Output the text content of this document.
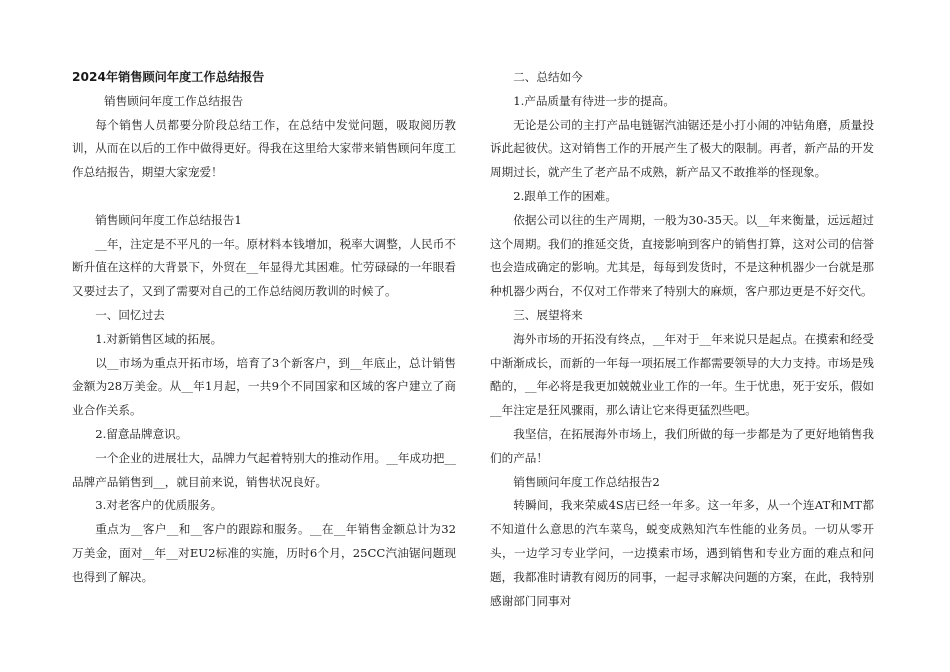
2024年销售顾问年度工作总结报告

销售顾问年度工作总结报告

每个销售人员都要分阶段总结工作，在总结中发觉问题，吸取阅历教训，从而在以后的工作中做得更好。得我在这里给大家带来销售顾问年度工作总结报告，期望大家宠爱！

销售顾问年度工作总结报告1

__年，注定是不平凡的一年。原材料本钱增加，税率大调整，人民币不断升值在这样的大背景下，外贸在__年显得尤其困难。忙劳碌碌的一年眼看又要过去了，又到了需要对自己的工作总结阅历教训的时候了。

一、回忆过去

1.对新销售区域的拓展。

以__市场为重点开拓市场，培育了3个新客户，到__年底止，总计销售金额为28万美金。从__年1月起，一共9个不同国家和区域的客户建立了商业合作关系。

2.留意品牌意识。

一个企业的进展壮大，品牌力气起着特别大的推动作用。__年成功把__品牌产品销售到__，就目前来说，销售状况良好。

3.对老客户的优质服务。

重点为__客户__和__客户的跟踪和服务。__在__年销售金额总计为32万美金，面对__年__对EU2标准的实施，历时6个月，25CC汽油锯问题现也得到了解决。

二、总结如今

1.产品质量有待进一步的提高。

无论是公司的主打产品电链锯汽油锯还是小打小闹的冲钻角磨，质量投诉此起彼伏。这对销售工作的开展产生了极大的限制。再者，新产品的开发周期过长，就产生了老产品不成熟，新产品又不敢推举的怪现象。

2.跟单工作的困难。

依据公司以往的生产周期，一般为30-35天。以__年来衡量，远远超过这个周期。我们的推延交货，直接影响到客户的销售打算，这对公司的信誉也会造成确定的影响。尤其是，每每到发货时，不是这种机器少一台就是那种机器少两台，不仅对工作带来了特别大的麻烦，客户那边更是不好交代。

三、展望将来

海外市场的开拓没有终点，__年对于__年来说只是起点。在摸索和经受中渐渐成长，而新的一年每一项拓展工作都需要领导的大力支持。市场是残酷的，__年必将是我更加兢兢业业工作的一年。生于忧患，死于安乐，假如__年注定是狂风骤雨，那么请让它来得更猛烈些吧。

我坚信，在拓展海外市场上，我们所做的每一步都是为了更好地销售我们的产品！

销售顾问年度工作总结报告2

转瞬间，我来荣威4S店已经一年多。这一年多，从一个连AT和MT都不知道什么意思的汽车菜鸟，蜕变成熟知汽车性能的业务员。一切从零开头，一边学习专业学问，一边摸索市场，遇到销售和专业方面的难点和问题，我都准时请教有阅历的同事，一起寻求解决问题的方案，在此，我特别感谢部门同事对
